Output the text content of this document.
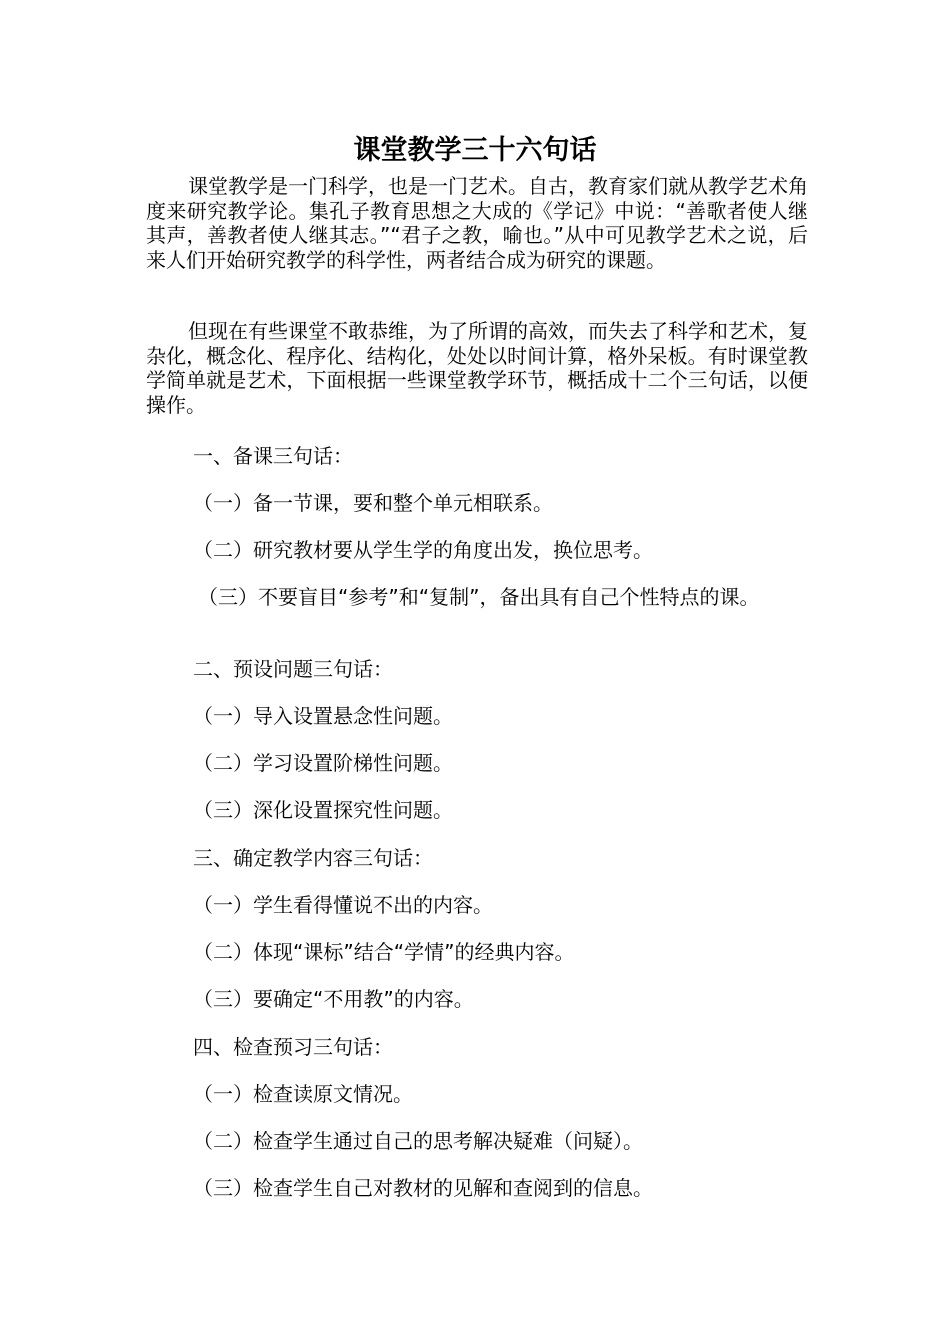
课堂教学三十六句话
课堂教学是一门科学，也是一门艺术。自古，教育家们就从教学艺术角度来研究教学论。集孔子教育思想之大成的《学记》中说：“善歌者使人继其声，善教者使人继其志。”“君子之教，喻也。”从中可见教学艺术之说，后来人们开始研究教学的科学性，两者结合成为研究的课题。
但现在有些课堂不敢恭维，为了所谓的高效，而失去了科学和艺术，复杂化，概念化、程序化、结构化，处处以时间计算，格外呆板。有时课堂教学简单就是艺术，下面根据一些课堂教学环节，概括成十二个三句话，以便操作。
一、备课三句话：
（一）备一节课，要和整个单元相联系。
（二）研究教材要从学生学的角度出发，换位思考。
（三）不要盲目“参考”和“复制”，备出具有自己个性特点的课。
二、预设问题三句话：
（一）导入设置悬念性问题。
（二）学习设置阶梯性问题。
（三）深化设置探究性问题。
三、确定教学内容三句话：
（一）学生看得懂说不出的内容。
（二）体现“课标”结合“学情”的经典内容。
（三）要确定“不用教”的内容。
四、检查预习三句话：
（一）检查读原文情况。
（二）检查学生通过自己的思考解决疑难（问疑）。
（三）检查学生自己对教材的见解和查阅到的信息。
